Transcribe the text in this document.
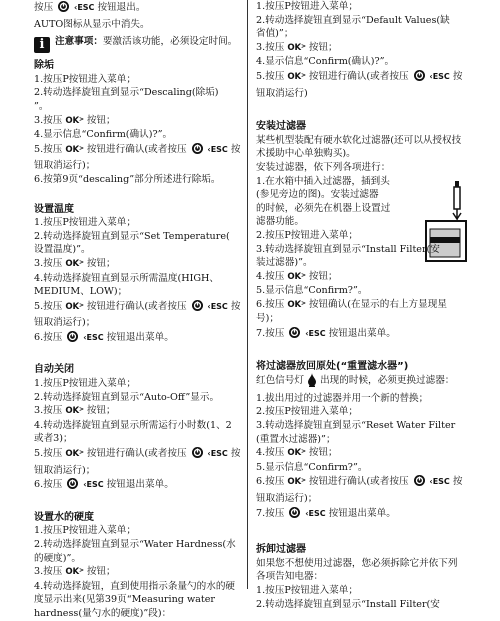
按压  ‹ESC 按钮退出。
AUTO图标从显示中消失。
i 注意事项：要激活该功能，必须设定时间。
除垢
1.按压P按钮进入菜单；
2.转动选择旋钮直到显示“Descaling(除垢)
”。
3.按压 OK> 按钮；
4.显示信息“Confirm(确认)?”。
5.按压 OK> 按钮进行确认(或者按压  ‹ESC 按
钮取消运行)；
6.按第9页“descaling”部分所述进行除垢。
设置温度
1.按压P按钮进入菜单；
2.转动选择旋钮直到显示“Set Temperature(
设置温度)”。
3.按压 OK> 按钮；
4.转动选择旋钮直到显示所需温度(HIGH、
MEDIUM、LOW)；
5.按压 OK> 按钮进行确认(或者按压  ‹ESC 按
钮取消运行)；
6.按压  ‹ESC 按钮退出菜单。
自动关闭
1.按压P按钮进入菜单；
2.转动选择旋钮直到显示“Auto-Off”显示。
3.按压 OK> 按钮；
4.转动选择旋钮直到显示所需运行小时数(1、2
或者3)；
5.按压 OK> 按钮进行确认(或者按压  ‹ESC 按
钮取消运行)；
6.按压  ‹ESC 按钮退出菜单。
设置水的硬度
1.按压P按钮进入菜单；
2.转动选择旋钮直到显示“Water Hardness(水
的硬度)”。
3.按压 OK> 按钮；
4.转动选择旋钮，直到使用指示条量勺的水的硬
度显示出来(见第39页“Measuring water
hardness(量勺水的硬度)”段)：
1.按压P按钮进入菜单；
2.转动选择旋钮直到显示“Default Values(缺
省值)”；
3.按压 OK> 按钮；
4.显示信息“Confirm(确认)?”。
5.按压 OK> 按钮进行确认(或者按压  ‹ESC 按
钮取消运行)
安装过滤器
某些机型装配有硬水软化过滤器(还可以从授权技术援助中心单独购买)。
安装过滤器，依下列各项进行：
1.在水箱中插入过滤器，插到头
(参见旁边的图)。安装过滤器
的时候，必须先在机器上设置过
滤器功能。
2.按压P按钮进入菜单；
3.转动选择旋钮直到显示“Install Filter(安
装过滤器)”。
4.按压 OK> 按钮；
5.显示信息“Confirm?”。
6.按压 OK> 按钮确认(在显示的右上方显现星
号)；
7.按压  ‹ESC 按钮退出菜单。
将过滤器放回原处(“重置滤水器”)
红色信号灯 出现的时候，必须更换过滤器：
1.拔出用过的过滤器并用一个新的替换；
2.按压P按钮进入菜单；
3.转动选择旋钮直到显示“Reset Water Filter
(重置水过滤器)”；
4.按压 OK> 按钮；
5.显示信息“Confirm?”。
6.按压 OK> 按钮进行确认(或者按压  ‹ESC 按
钮取消运行)；
7.按压  ‹ESC 按钮退出菜单。
拆卸过滤器
如果您不想使用过滤器，您必须拆除它并依下列
各项告知电器：
1.按压P按钮进入菜单；
2.转动选择旋钮直到显示“Install Filter(安
